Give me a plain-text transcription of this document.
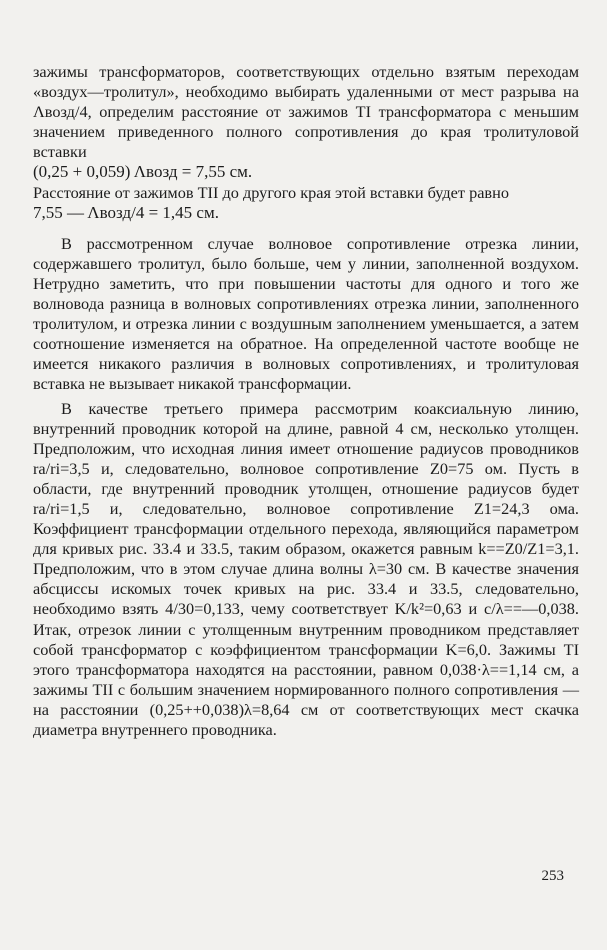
зажимы трансформаторов, соответствующих отдельно взятым переходам «воздух—тролитул», необходимо выбирать удаленными от мест разрыва на Λвозд/4, определим расстояние от зажимов TI трансформатора с меньшим значением приведенного полного сопротивления до края тролитуловой вставки

(0,25 + 0,059) Λвозд = 7,55 см.

Расстояние от зажимов TII до другого края этой вставки будет равно

7,55 — Λвозд/4 = 1,45 см.

В рассмотренном случае волновое сопротивление отрезка линии, содержавшего тролитул, было больше, чем у линии, заполненной воздухом. Нетрудно заметить, что при повышении частоты для одного и того же волновода разница в волновых сопротивлениях отрезка линии, заполненного тролитулом, и отрезка линии с воздушным заполнением уменьшается, а затем соотношение изменяется на обратное. На определенной частоте вообще не имеется никакого различия в волновых сопротивлениях, и тролитуловая вставка не вызывает никакой трансформации.

В качестве третьего примера рассмотрим коаксиальную линию, внутренний проводник которой на длине, равной 4 см, несколько утолщен. Предположим, что исходная линия имеет отношение радиусов проводников ra/ri=3,5 и, следовательно, волновое сопротивление Z0=75 ом. Пусть в области, где внутренний проводник утолщен, отношение радиусов будет ra/ri=1,5 и, следовательно, волновое сопротивление Z1=24,3 ома. Коэффициент трансформации отдельного перехода, являющийся параметром для кривых рис. 33.4 и 33.5, таким образом, окажется равным k==Z0/Z1=3,1. Предположим, что в этом случае длина волны λ=30 см. В качестве значения абсциссы искомых точек кривых на рис. 33.4 и 33.5, следовательно, необходимо взять 4/30=0,133, чему соответствует K/k²=0,63 и c/λ==—0,038. Итак, отрезок линии с утолщенным внутренним проводником представляет собой трансформатор с коэффициентом трансформации K=6,0. Зажимы TI этого трансформатора находятся на расстоянии, равном 0,038·λ==1,14 см, а зажимы TII с большим значением нормированного полного сопротивления — на расстоянии (0,25++0,038)λ=8,64 см от соответствующих мест скачка диаметра внутреннего проводника.

253
